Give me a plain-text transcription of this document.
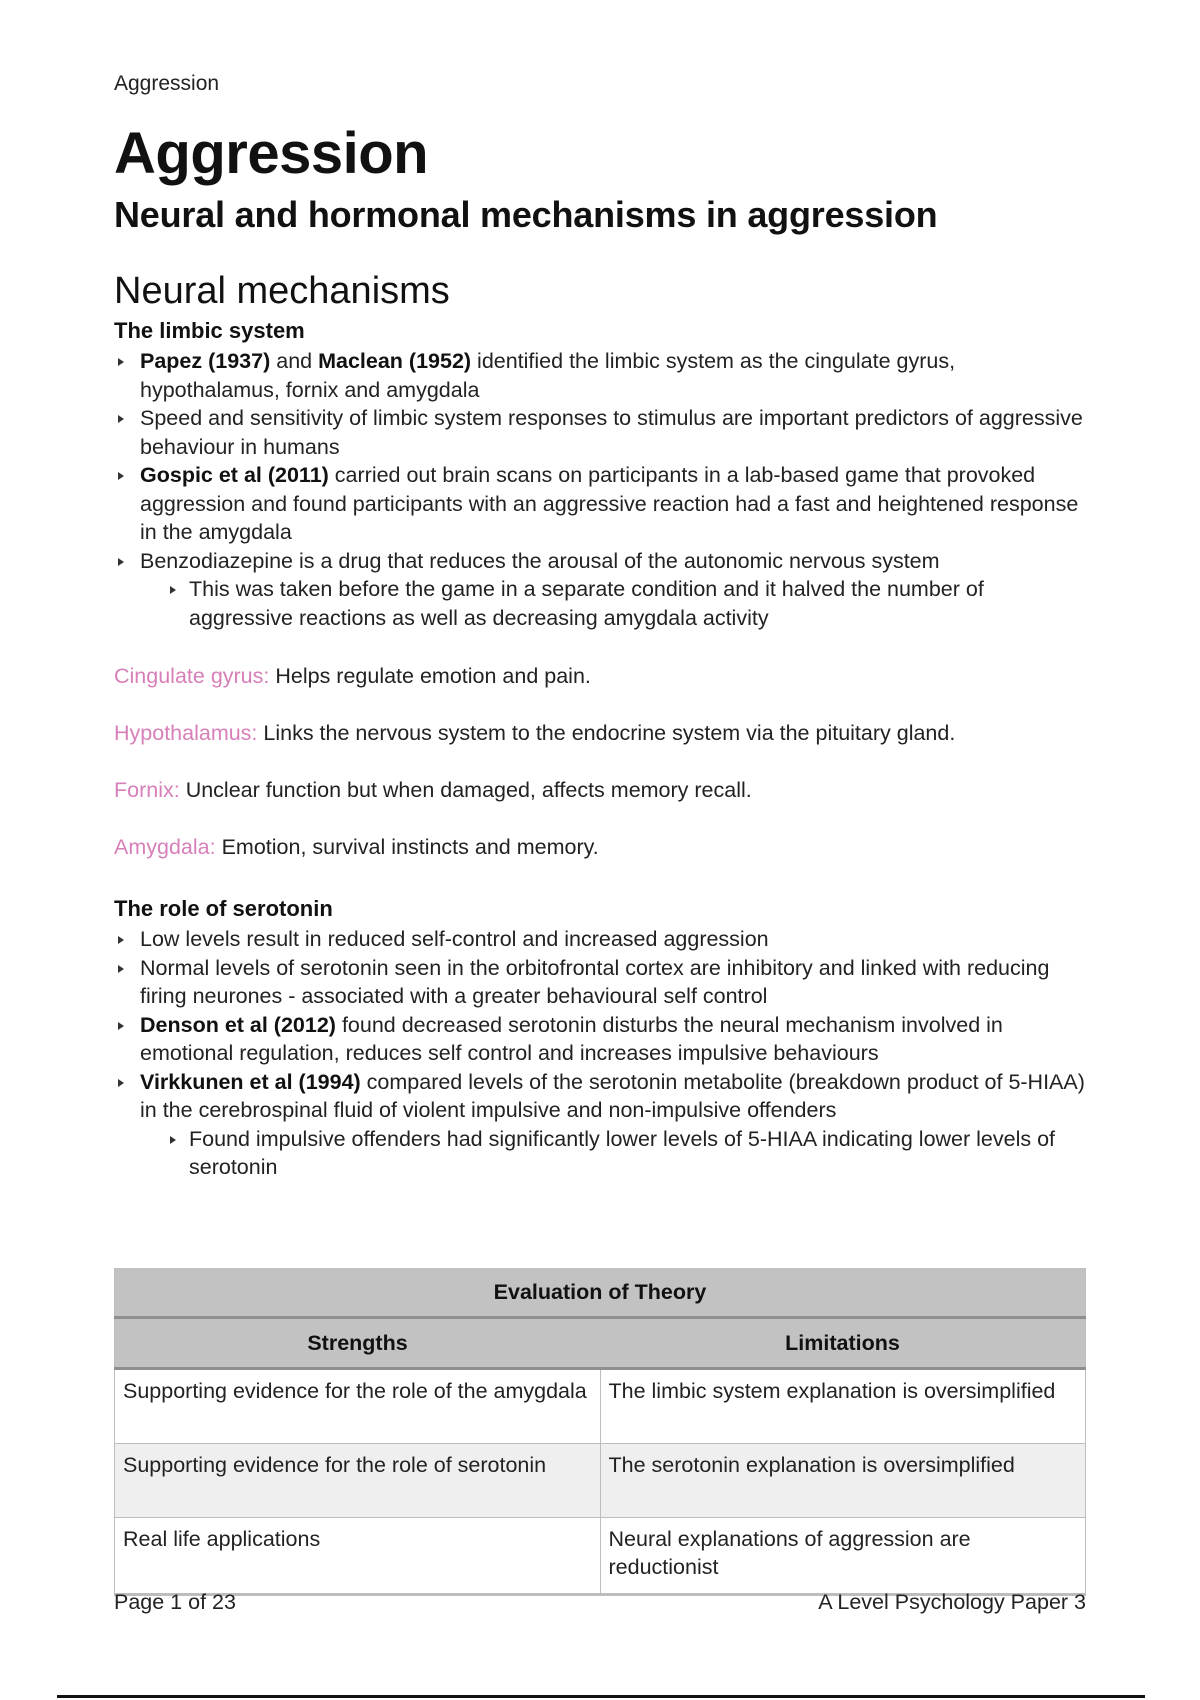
Aggression
Aggression
Neural and hormonal mechanisms in aggression
Neural mechanisms
The limbic system
Papez (1937) and Maclean (1952) identified the limbic system as the cingulate gyrus, hypothalamus, fornix and amygdala
Speed and sensitivity of limbic system responses to stimulus are important predictors of aggressive behaviour in humans
Gospic et al (2011) carried out brain scans on participants in a lab-based game that provoked aggression and found participants with an aggressive reaction had a fast and heightened response in the amygdala
Benzodiazepine is a drug that reduces the arousal of the autonomic nervous system
This was taken before the game in a separate condition and it halved the number of aggressive reactions as well as decreasing amygdala activity
Cingulate gyrus: Helps regulate emotion and pain.
Hypothalamus: Links the nervous system to the endocrine system via the pituitary gland.
Fornix: Unclear function but when damaged, affects memory recall.
Amygdala: Emotion, survival instincts and memory.
The role of serotonin
Low levels result in reduced self-control and increased aggression
Normal levels of serotonin seen in the orbitofrontal cortex are inhibitory and linked with reducing firing neurones - associated with a greater behavioural self control
Denson et al (2012) found decreased serotonin disturbs the neural mechanism involved in emotional regulation, reduces self control and increases impulsive behaviours
Virkkunen et al (1994) compared levels of the serotonin metabolite (breakdown product of 5-HIAA) in the cerebrospinal fluid of violent impulsive and non-impulsive offenders
Found impulsive offenders had significantly lower levels of 5-HIAA indicating lower levels of serotonin
Evaluation of Theory	
Strengths	Limitations
Supporting evidence for the role of the amygdala	The limbic system explanation is oversimplified
Supporting evidence for the role of serotonin	The serotonin explanation is oversimplified
Real life applications	Neural explanations of aggression are reductionist
Page 1 of 23	A Level Psychology Paper 3
